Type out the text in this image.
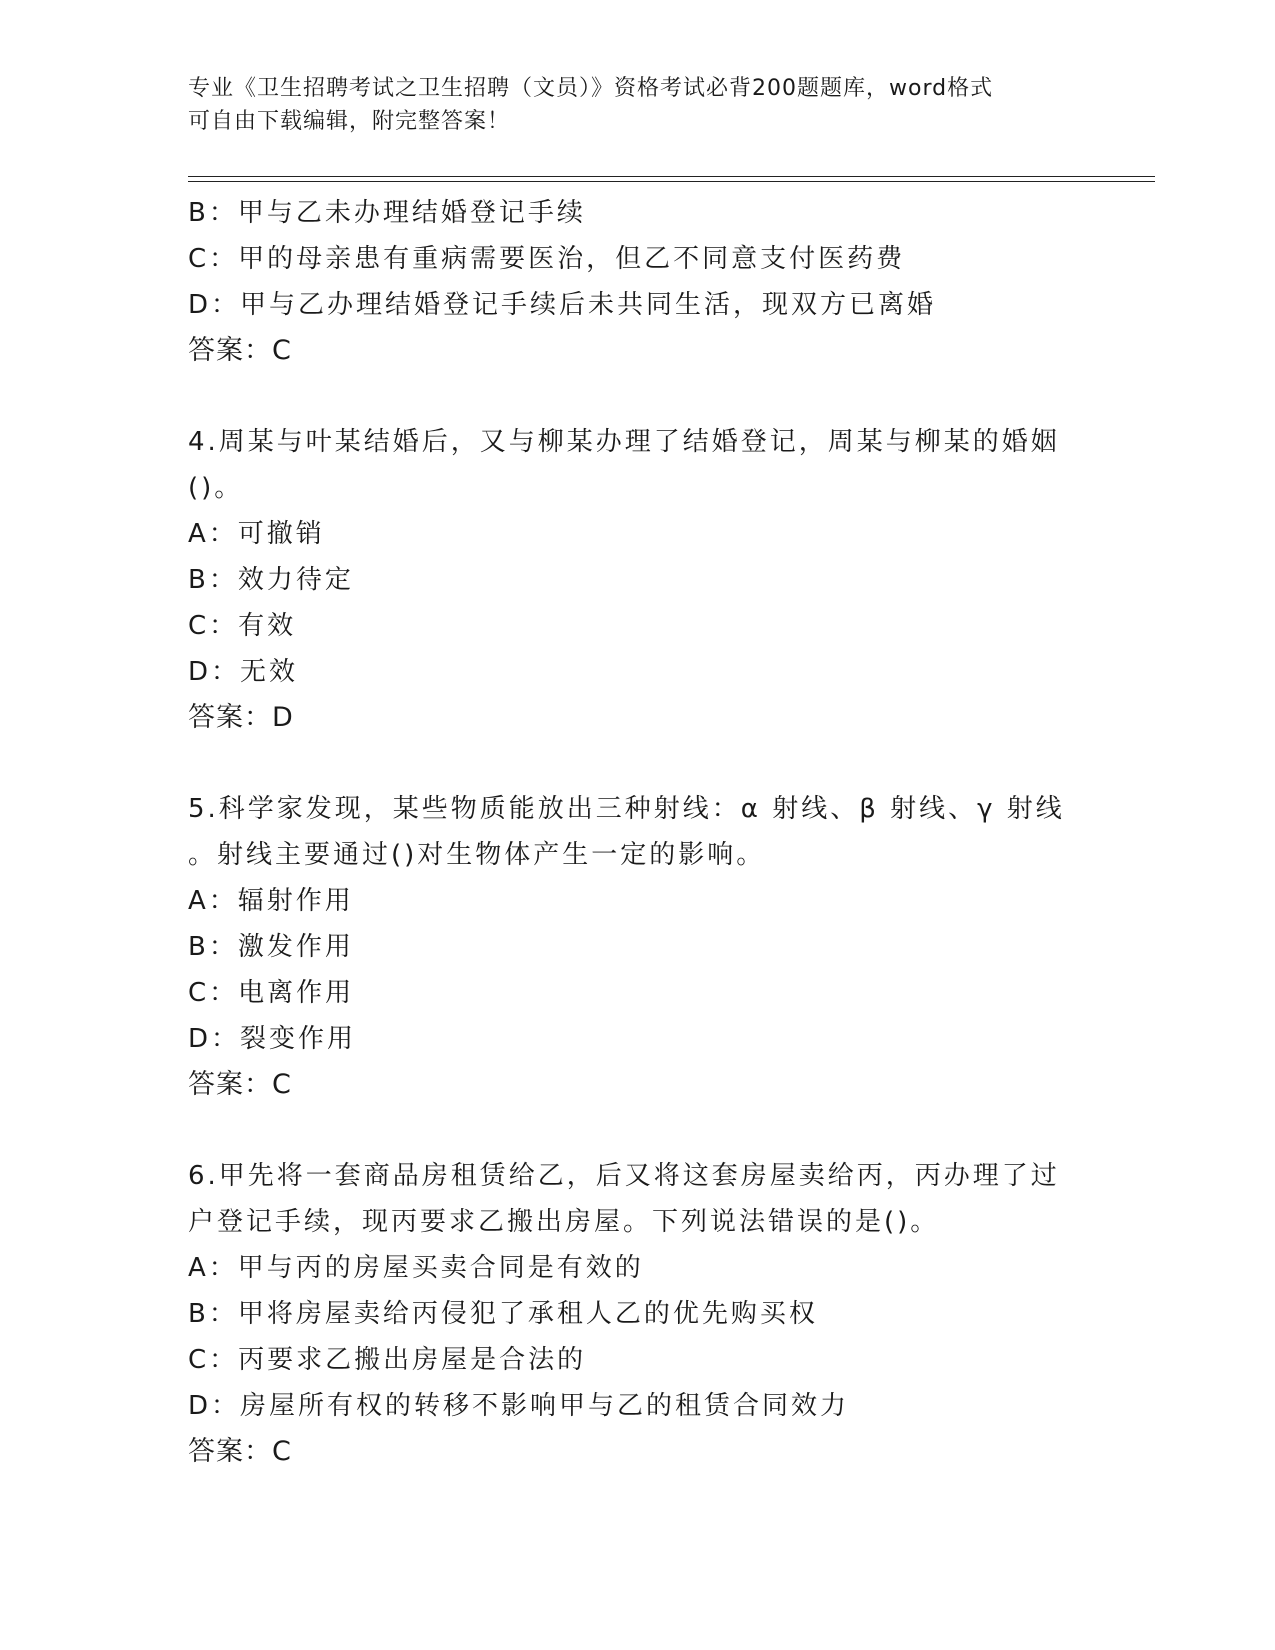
专业《卫生招聘考试之卫生招聘（文员）》资格考试必背200题题库，word格式
可自由下载编辑，附完整答案！
B：甲与乙未办理结婚登记手续
C：甲的母亲患有重病需要医治，但乙不同意支付医药费
D：甲与乙办理结婚登记手续后未共同生活，现双方已离婚
答案：C
4.周某与叶某结婚后，又与柳某办理了结婚登记，周某与柳某的婚姻
()。
A：可撤销
B：效力待定
C：有效
D：无效
答案：D
5.科学家发现，某些物质能放出三种射线：α 射线、β 射线、γ 射线
。射线主要通过()对生物体产生一定的影响。
A：辐射作用
B：激发作用
C：电离作用
D：裂变作用
答案：C
6.甲先将一套商品房租赁给乙，后又将这套房屋卖给丙，丙办理了过
户登记手续，现丙要求乙搬出房屋。下列说法错误的是()。
A：甲与丙的房屋买卖合同是有效的
B：甲将房屋卖给丙侵犯了承租人乙的优先购买权
C：丙要求乙搬出房屋是合法的
D：房屋所有权的转移不影响甲与乙的租赁合同效力
答案：C
